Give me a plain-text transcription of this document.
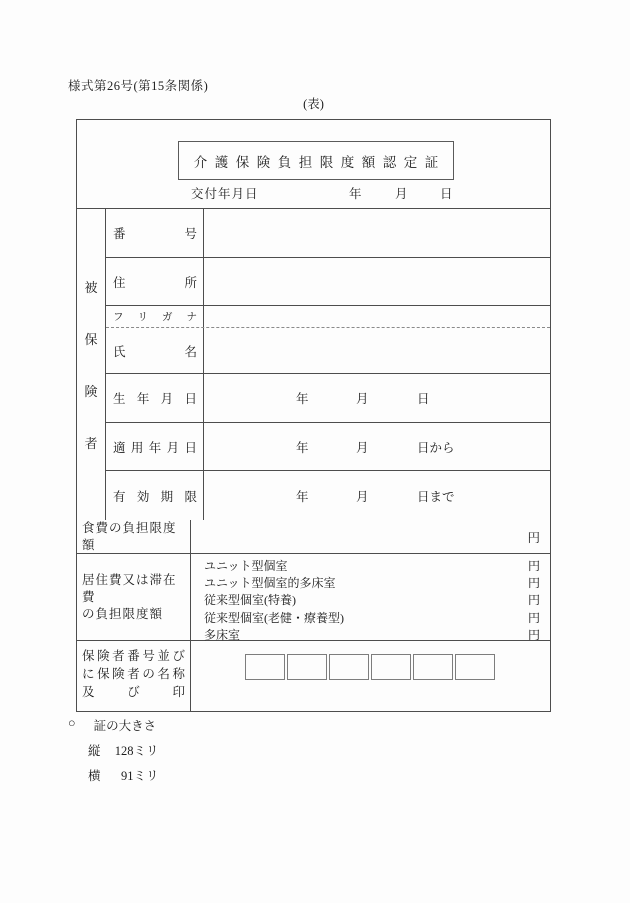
様式第26号(第15条関係)
(表)
介護保険負担限度額認定証
交付年月日	年	月	日
被
保
険
者
番	号
住	所
フ リ ガ ナ
氏	名
生 年 月 日	年	月	日
適 用 年 月 日	年	月	日から
有 効 期 限	年	月	日まで
食費の負担限度額	円
居住費又は滞在費
の負担限度額
ユニット型個室	円
ユニット型個室的多床室	円
従来型個室(特養)	円
従来型個室(老健・療養型)	円
多床室	円
保 険 者 番 号 並 び
に 保 険 者 の 名 称
及	び	印
○ 証の大きさ
縦	128ミリ
横	91ミリ
